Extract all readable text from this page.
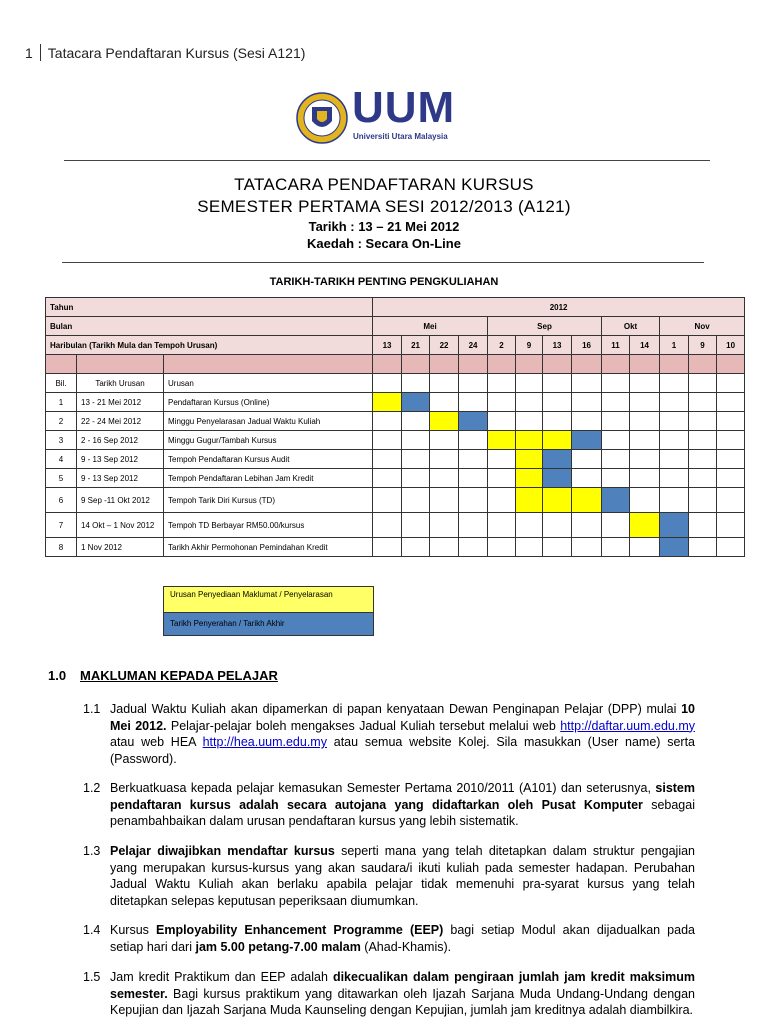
1 Tatacara Pendaftaran Kursus (Sesi A121)
UUM
Universiti Utara Malaysia
TATACARA PENDAFTARAN KURSUS
SEMESTER PERTAMA SESI 2012/2013 (A121)
Tarikh : 13 – 21 Mei 2012
Kaedah : Secara On-Line
TARIKH-TARIKH PENTING PENGKULIAHAN
Tahun			2012												
Bulan			Mei				Sep				Okt		Nov		
Haribulan (Tarikh Mula dan Tempoh Urusan)			13	21	22	24	2	9	13	16	11	14	1	9	10

Bil.	Tarikh Urusan	Urusan													
1	13 - 21 Mei 2012	Pendaftaran Kursus (Online)													
2	22 - 24 Mei 2012	Minggu Penyelarasan Jadual Waktu Kuliah													
3	2 - 16 Sep 2012	Minggu Gugur/Tambah Kursus													
4	9 - 13 Sep 2012	Tempoh Pendaftaran Kursus Audit													
5	9 - 13 Sep 2012	Tempoh Pendaftaran Lebihan Jam Kredit													
6	9 Sep -11 Okt 2012	Tempoh Tarik Diri Kursus (TD)													
7	14 Okt – 1 Nov 2012	Tempoh TD Berbayar RM50.00/kursus													
8	1 Nov 2012	Tarikh Akhir Permohonan Pemindahan Kredit													
Urusan Penyediaan Maklumat / Penyelarasan
Tarikh Penyerahan / Tarikh Akhir
1.0 MAKLUMAN KEPADA PELAJAR
1.1 Jadual Waktu Kuliah akan dipamerkan di papan kenyataan Dewan Penginapan Pelajar (DPP) mulai 10 Mei 2012. Pelajar-pelajar boleh mengakses Jadual Kuliah tersebut melalui web http://daftar.uum.edu.my atau web HEA http://hea.uum.edu.my atau semua website Kolej. Sila masukkan (User name) serta (Password).
1.2 Berkuatkuasa kepada pelajar kemasukan Semester Pertama 2010/2011 (A101) dan seterusnya, sistem pendaftaran kursus adalah secara autojana yang didaftarkan oleh Pusat Komputer sebagai penambahbaikan dalam urusan pendaftaran kursus yang lebih sistematik.
1.3 Pelajar diwajibkan mendaftar kursus seperti mana yang telah ditetapkan dalam struktur pengajian yang merupakan kursus-kursus yang akan saudara/i ikuti kuliah pada semester hadapan. Perubahan Jadual Waktu Kuliah akan berlaku apabila pelajar tidak memenuhi pra-syarat kursus yang telah ditetapkan selepas keputusan peperiksaan diumumkan.
1.4 Kursus Employability Enhancement Programme (EEP) bagi setiap Modul akan dijadualkan pada setiap hari dari jam 5.00 petang-7.00 malam (Ahad-Khamis).
1.5 Jam kredit Praktikum dan EEP adalah dikecualikan dalam pengiraan jumlah jam kredit maksimum semester. Bagi kursus praktikum yang ditawarkan oleh Ijazah Sarjana Muda Undang-Undang dengan Kepujian dan Ijazah Sarjana Muda Kaunseling dengan Kepujian, jumlah jam kreditnya adalah diambilkira.
